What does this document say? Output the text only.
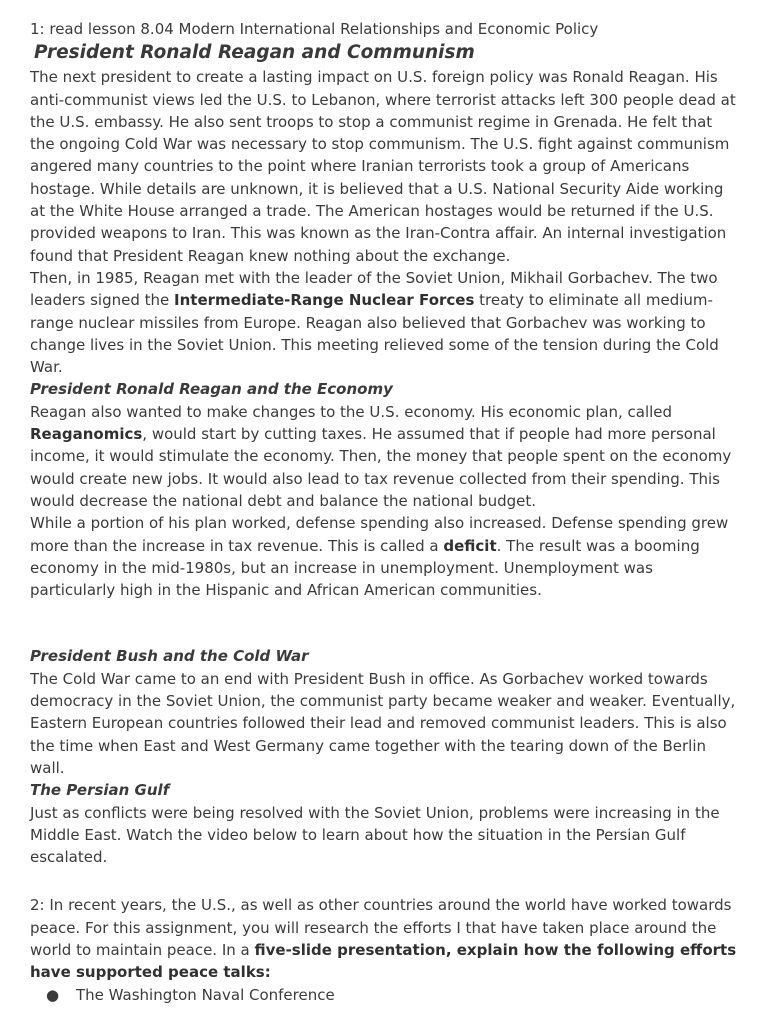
1: read lesson 8.04 Modern International Relationships and Economic Policy

President Ronald Reagan and Communism

The next president to create a lasting impact on U.S. foreign policy was Ronald Reagan. His anti-communist views led the U.S. to Lebanon, where terrorist attacks left 300 people dead at the U.S. embassy. He also sent troops to stop a communist regime in Grenada. He felt that the ongoing Cold War was necessary to stop communism. The U.S. fight against communism angered many countries to the point where Iranian terrorists took a group of Americans hostage. While details are unknown, it is believed that a U.S. National Security Aide working at the White House arranged a trade. The American hostages would be returned if the U.S. provided weapons to Iran. This was known as the Iran-Contra affair. An internal investigation found that President Reagan knew nothing about the exchange.

Then, in 1985, Reagan met with the leader of the Soviet Union, Mikhail Gorbachev. The two leaders signed the Intermediate-Range Nuclear Forces treaty to eliminate all medium-range nuclear missiles from Europe. Reagan also believed that Gorbachev was working to change lives in the Soviet Union. This meeting relieved some of the tension during the Cold War.

President Ronald Reagan and the Economy

Reagan also wanted to make changes to the U.S. economy. His economic plan, called Reaganomics, would start by cutting taxes. He assumed that if people had more personal income, it would stimulate the economy. Then, the money that people spent on the economy would create new jobs. It would also lead to tax revenue collected from their spending. This would decrease the national debt and balance the national budget.

While a portion of his plan worked, defense spending also increased. Defense spending grew more than the increase in tax revenue. This is called a deficit. The result was a booming economy in the mid-1980s, but an increase in unemployment. Unemployment was particularly high in the Hispanic and African American communities.

President Bush and the Cold War

The Cold War came to an end with President Bush in office. As Gorbachev worked towards democracy in the Soviet Union, the communist party became weaker and weaker. Eventually, Eastern European countries followed their lead and removed communist leaders. This is also the time when East and West Germany came together with the tearing down of the Berlin wall.

The Persian Gulf

Just as conflicts were being resolved with the Soviet Union, problems were increasing in the Middle East. Watch the video below to learn about how the situation in the Persian Gulf escalated.

2: In recent years, the U.S., as well as other countries around the world have worked towards peace. For this assignment, you will research the efforts I that have taken place around the world to maintain peace. In a five-slide presentation, explain how the following efforts have supported peace talks:

● The Washington Naval Conference
